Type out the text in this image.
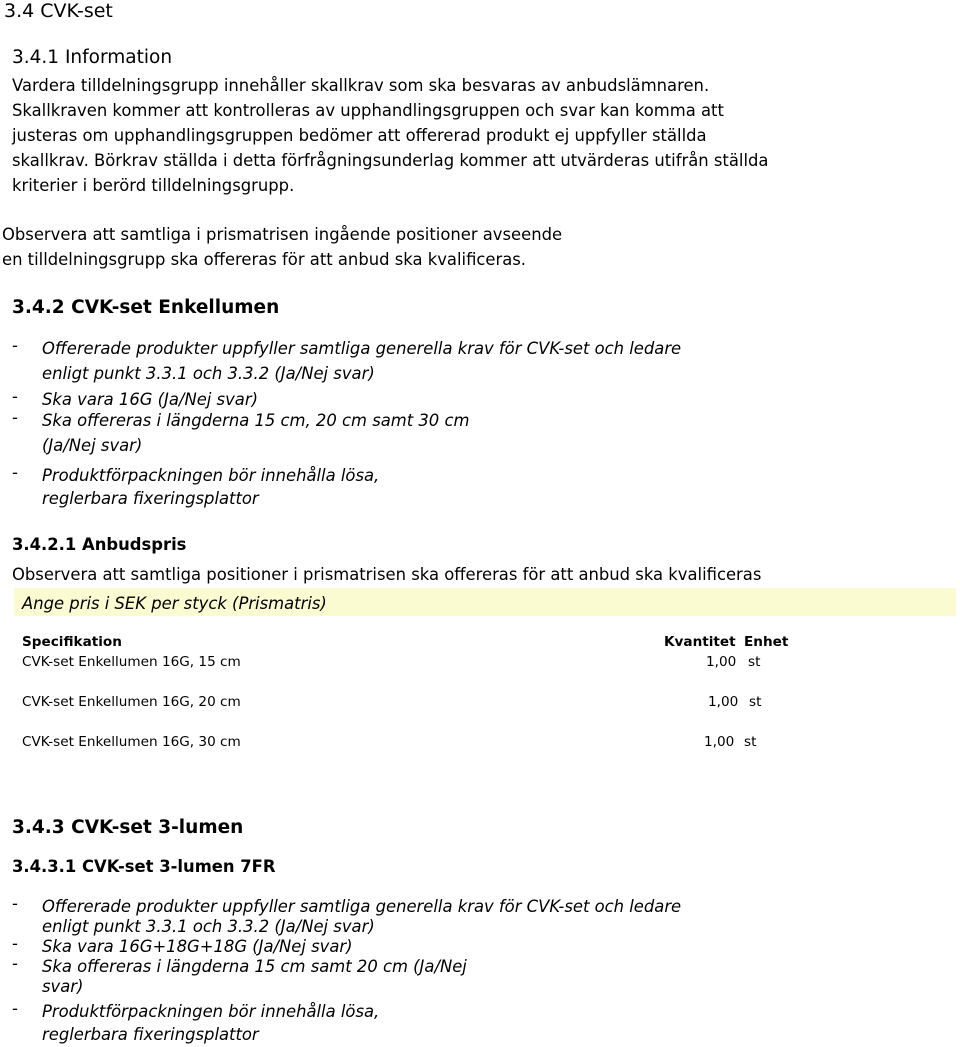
3.4 CVK-set
3.4.1 Information
Vardera tilldelningsgrupp innehåller skallkrav som ska besvaras av anbudslämnaren.
Skallkraven kommer att kontrolleras av upphandlingsgruppen och svar kan komma att
justeras om upphandlingsgruppen bedömer att offererad produkt ej uppfyller ställda
skallkrav. Börkrav ställda i detta förfrågningsunderlag kommer att utvärderas utifrån ställda
kriterier i berörd tilldelningsgrupp.
Observera att samtliga i prismatrisen ingående positioner avseende
en tilldelningsgrupp ska offereras för att anbud ska kvalificeras.
3.4.2 CVK-set Enkellumen
- Offererade produkter uppfyller samtliga generella krav för CVK-set och ledare
enligt punkt 3.3.1 och 3.3.2 (Ja/Nej svar)
- Ska vara 16G (Ja/Nej svar)
- Ska offereras i längderna 15 cm, 20 cm samt 30 cm
(Ja/Nej svar)
- Produktförpackningen bör innehålla lösa,
reglerbara fixeringsplattor
3.4.2.1 Anbudspris
Observera att samtliga positioner i prismatrisen ska offereras för att anbud ska kvalificeras
Ange pris i SEK per styck (Prismatris)
Specifikation	Kvantitet Enhet
CVK-set Enkellumen 16G, 15 cm	1,00 st
CVK-set Enkellumen 16G, 20 cm	1,00 st
CVK-set Enkellumen 16G, 30 cm	1,00 st
3.4.3 CVK-set 3-lumen
3.4.3.1 CVK-set 3-lumen 7FR
- Offererade produkter uppfyller samtliga generella krav för CVK-set och ledare
enligt punkt 3.3.1 och 3.3.2 (Ja/Nej svar)
- Ska vara 16G+18G+18G (Ja/Nej svar)
- Ska offereras i längderna 15 cm samt 20 cm (Ja/Nej
svar)
- Produktförpackningen bör innehålla lösa,
reglerbara fixeringsplattor
